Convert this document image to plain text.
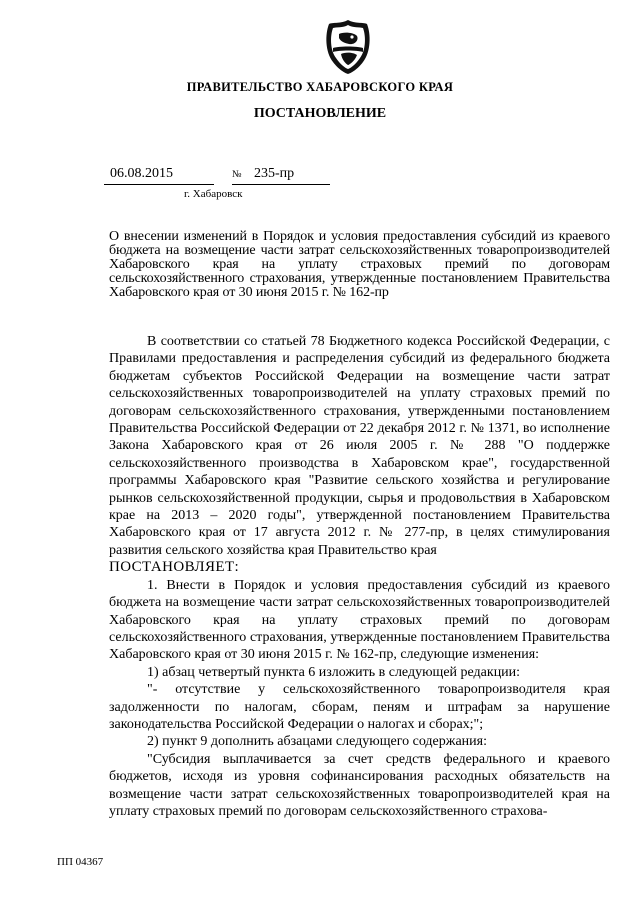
ПРАВИТЕЛЬСТВО ХАБАРОВСКОГО КРАЯ
ПОСТАНОВЛЕНИЕ
06.08.2015	№ 235-пр
г. Хабаровск
О внесении изменений в Порядок и условия предоставления субсидий из краевого бюджета на возмещение части затрат сельскохозяйственных товаропроизводителей Хабаровского края на уплату страховых премий по договорам сельскохозяйственного страхования, утвержденные постановлением Правительства Хабаровского края от 30 июня 2015 г. № 162-пр

В соответствии со статьей 78 Бюджетного кодекса Российской Федерации, с Правилами предоставления и распределения субсидий из федерального бюджета бюджетам субъектов Российской Федерации на возмещение части затрат сельскохозяйственных товаропроизводителей на уплату страховых премий по договорам сельскохозяйственного страхования, утвержденными постановлением Правительства Российской Федерации от 22 декабря 2012 г. № 1371, во исполнение Закона Хабаровского края от 26 июля 2005 г. № 288 "О поддержке сельскохозяйственного производства в Хабаровском крае", государственной программы Хабаровского края "Развитие сельского хозяйства и регулирование рынков сельскохозяйственной продукции, сырья и продовольствия в Хабаровском крае на 2013 – 2020 годы", утвержденной постановлением Правительства Хабаровского края от 17 августа 2012 г. № 277-пр, в целях стимулирования развития сельского хозяйства края Правительство края

ПОСТАНОВЛЯЕТ:

1. Внести в Порядок и условия предоставления субсидий из краевого бюджета на возмещение части затрат сельскохозяйственных товаропроизводителей Хабаровского края на уплату страховых премий по договорам сельскохозяйственного страхования, утвержденные постановлением Правительства Хабаровского края от 30 июня 2015 г. № 162-пр, следующие изменения:

1) абзац четвертый пункта 6 изложить в следующей редакции:

"- отсутствие у сельскохозяйственного товаропроизводителя края задолженности по налогам, сборам, пеням и штрафам за нарушение законодательства Российской Федерации о налогах и сборах;";

2) пункт 9 дополнить абзацами следующего содержания:

"Субсидия выплачивается за счет средств федерального и краевого бюджетов, исходя из уровня софинансирования расходных обязательств на возмещение части затрат сельскохозяйственных товаропроизводителей края на уплату страховых премий по договорам сельскохозяйственного страхова-

ПП 04367
